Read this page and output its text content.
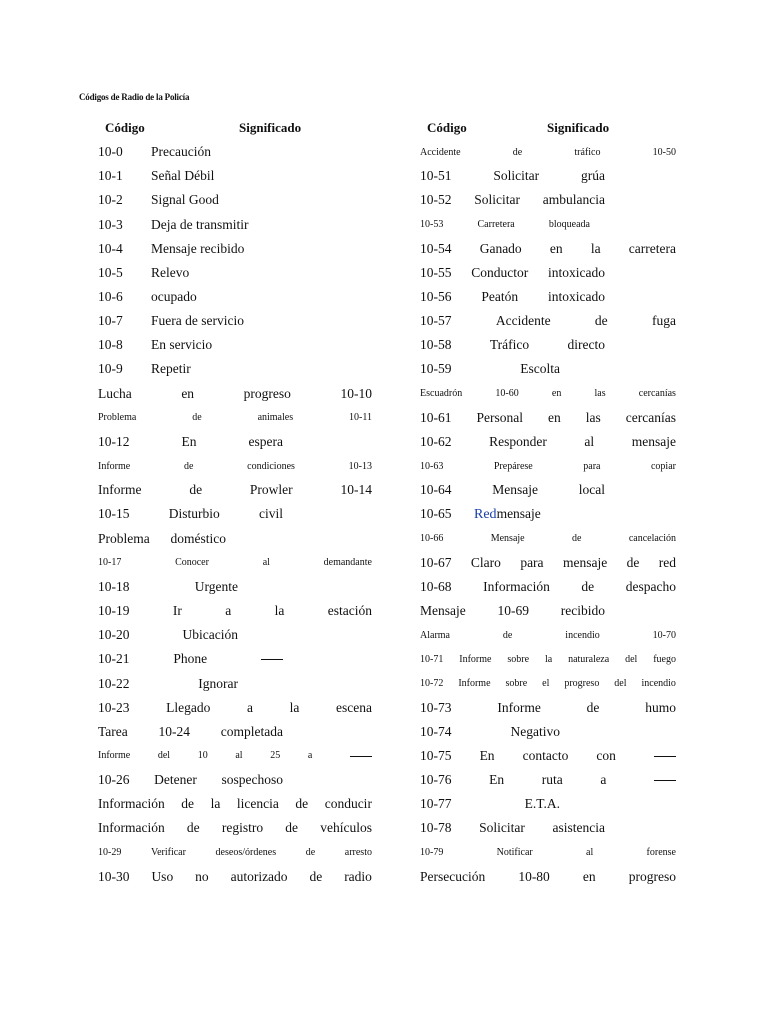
Códigos de Radio de la Policía
Código	Significado	Código	Significado
10-0	Precaución
10-1	Señal Débil
10-2	Signal Good
10-3	Deja de transmitir
10-4	Mensaje recibido
10-5	Relevo
10-6	ocupado
10-7	Fuera de servicio
10-8	En servicio
10-9	Repetir
Lucha	en	progreso	10-10
Problema	de	animales	10-11
10-12	En	espera
Informe	de	condiciones	10-13
Informe	de	Prowler	10-14
10-15	Disturbio	civil
Problema doméstico
10-17	Conocer	al	demandante
10-18	Urgente
10-19	Ir	a	la	estación
10-20	Ubicación
10-21	Phone
10-22	Ignorar
10-23	Llegado	a	la	escena
Tarea 10-24 completada
Informe	del	10	al	25	a
10-26 Detener sospechoso
Información de la licencia de conducir
Información de registro de vehículos
10-29	Verificar	deseos/órdenes	de	arresto
10-30 Uso no autorizado de radio
Accidente	de	tráfico	10-50
10-51	Solicitar	grúa
10-52 Solicitar ambulancia
10-53	Carretera	bloqueada
10-54 Ganado en la carretera
10-55 Conductor intoxicado
10-56 Peatón intoxicado
10-57	Accidente	de	fuga
10-58	Tráfico	directo
10-59	Escolta
Escuadrón	10-60	en	las	cercanías
10-61 Personal en las cercanías
10-62	Responder	al	mensaje
10-63	Prepárese	para	copiar
10-64	Mensaje	local
10-65	Redmensaje
10-66	Mensaje	de	cancelación
10-67 Claro para mensaje de red
10-68 Información de despacho
Mensaje 10-69 recibido
Alarma	de	incendio	10-70
10-71 Informe sobre la naturaleza del fuego
10-72 Informe sobre el progreso del incendio
10-73	Informe	de	humo
10-74	Negativo
10-75 En contacto con
10-76	En	ruta	a
10-77	E.T.A.
10-78 Solicitar asistencia
10-79	Notificar	al	forense
Persecución 10-80 en progreso
